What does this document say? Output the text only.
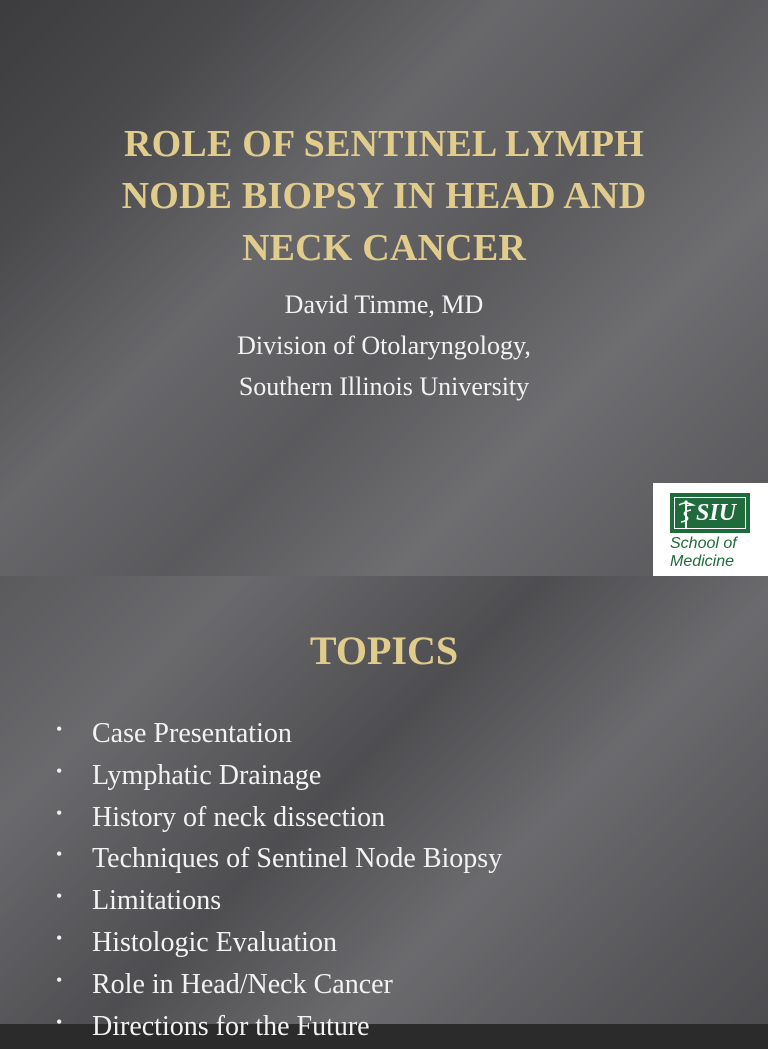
ROLE OF SENTINEL LYMPH
NODE BIOPSY IN HEAD AND
NECK CANCER
David Timme, MD
Division of Otolaryngology,
Southern Illinois University
SIU
School of
Medicine
TOPICS
• Case Presentation
• Lymphatic Drainage
• History of neck dissection
• Techniques of Sentinel Node Biopsy
• Limitations
• Histologic Evaluation
• Role in Head/Neck Cancer
• Directions for the Future
